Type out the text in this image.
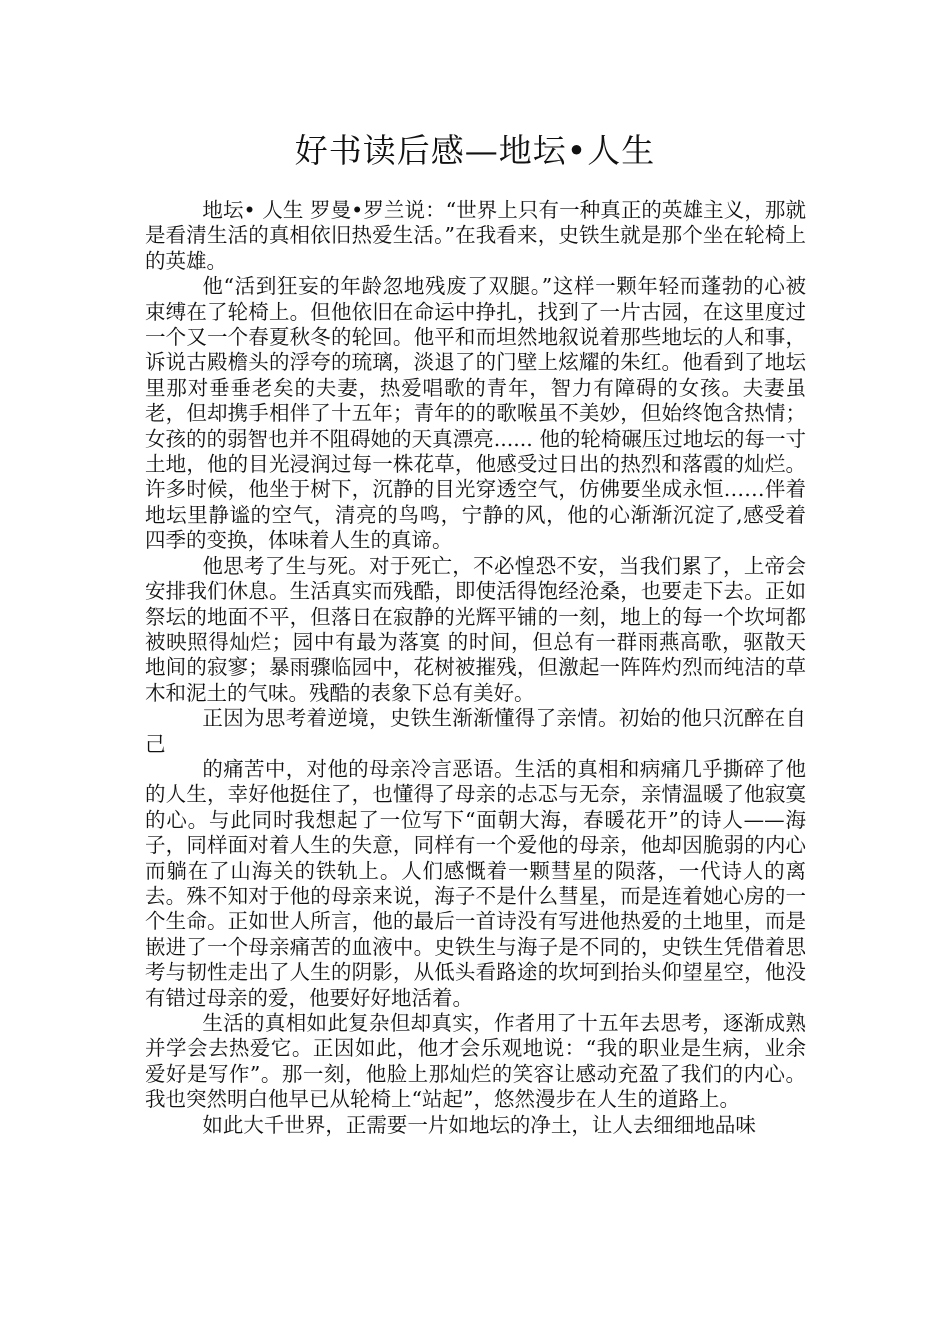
好书读后感—地坛•人生

地坛• 人生 罗曼•罗兰说：“世界上只有一种真正的英雄主义，那就是看清生活的真相依旧热爱生活。”在我看来，史铁生就是那个坐在轮椅上的英雄。

他“活到狂妄的年龄忽地残废了双腿。”这样一颗年轻而蓬勃的心被束缚在了轮椅上。但他依旧在命运中挣扎，找到了一片古园，在这里度过一个又一个春夏秋冬的轮回。他平和而坦然地叙说着那些地坛的人和事，诉说古殿檐头的浮夸的琉璃，淡退了的门壁上炫耀的朱红。他看到了地坛里那对垂垂老矣的夫妻，热爱唱歌的青年，智力有障碍的女孩。夫妻虽老，但却携手相伴了十五年；青年的的歌喉虽不美妙，但始终饱含热情；女孩的的弱智也并不阻碍她的天真漂亮...... 他的轮椅碾压过地坛的每一寸土地，他的目光浸润过每一株花草，他感受过日出的热烈和落霞的灿烂。许多时候，他坐于树下，沉静的目光穿透空气，仿佛要坐成永恒……伴着地坛里静谧的空气，清亮的鸟鸣，宁静的风，他的心渐渐沉淀了,感受着四季的变换，体味着人生的真谛。

他思考了生与死。对于死亡，不必惶恐不安，当我们累了，上帝会安排我们休息。生活真实而残酷，即使活得饱经沧桑，也要走下去。正如祭坛的地面不平，但落日在寂静的光辉平铺的一刻，地上的每一个坎坷都被映照得灿烂；园中有最为落寞 的时间，但总有一群雨燕高歌，驱散天地间的寂寥；暴雨骤临园中，花树被摧残，但激起一阵阵灼烈而纯洁的草木和泥土的气味。残酷的表象下总有美好。

正因为思考着逆境，史铁生渐渐懂得了亲情。初始的他只沉醉在自己

的痛苦中，对他的母亲冷言恶语。生活的真相和病痛几乎撕碎了他的人生，幸好他挺住了，也懂得了母亲的忐忑与无奈，亲情温暖了他寂寞的心。与此同时我想起了一位写下“面朝大海，春暖花开”的诗人——海子，同样面对着人生的失意，同样有一个爱他的母亲，他却因脆弱的内心而躺在了山海关的铁轨上。人们感慨着一颗彗星的陨落，一代诗人的离去。殊不知对于他的母亲来说，海子不是什么彗星，而是连着她心房的一个生命。正如世人所言，他的最后一首诗没有写进他热爱的土地里，而是嵌进了一个母亲痛苦的血液中。史铁生与海子是不同的，史铁生凭借着思考与韧性走出了人生的阴影，从低头看路途的坎坷到抬头仰望星空，他没有错过母亲的爱，他要好好地活着。

生活的真相如此复杂但却真实，作者用了十五年去思考，逐渐成熟并学会去热爱它。正因如此，他才会乐观地说：“我的职业是生病，业余爱好是写作”。那一刻，他脸上那灿烂的笑容让感动充盈了我们的内心。我也突然明白他早已从轮椅上“站起”，悠然漫步在人生的道路上。

如此大千世界，正需要一片如地坛的净土，让人去细细地品味
